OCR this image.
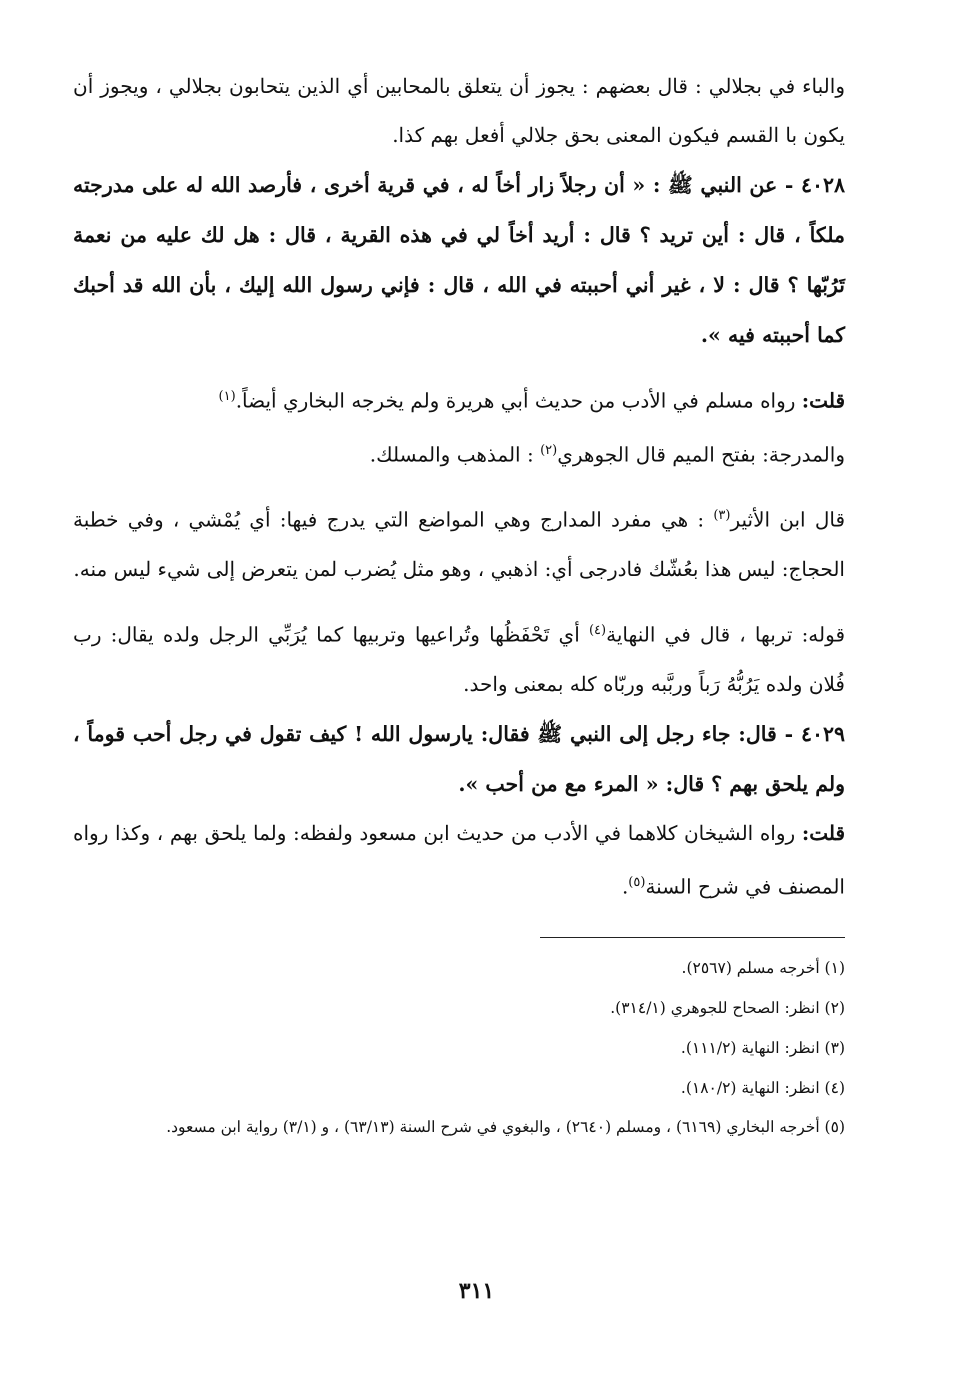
والباء في بجلالي : قال بعضهم : يجوز أن يتعلق بالمحابين أي الذين يتحابون بجلالي ، ويجوز أن يكون با القسم فيكون المعنى بحق جلالي أفعل بهم كذا.

٤٠٢٨ - عن النبي ﷺ : « أن رجلاً زار أخاً له ، في قرية أخرى ، فأرصد الله له على مدرجته ملكاً ، قال : أين تريد ؟ قال : أريد أخاً لي في هذه القرية ، قال : هل لك عليه من نعمة تَرُبّها ؟ قال : لا ، غير أني أحببته في الله ، قال : فإني رسول الله إليك ، بأن الله قد أحبك كما أحببته فيه ».

قلت: رواه مسلم في الأدب من حديث أبي هريرة ولم يخرجه البخاري أيضاً.$^{(١)}$

والمدرجة: بفتح الميم قال الجوهري$^{(٢)}$ : المذهب والمسلك.

قال ابن الأثير$^{(٣)}$ : هي مفرد المدارج وهي المواضع التي يدرج فيها: أي يُمْشي ، وفي خطبة الحجاج: ليس هذا بعُشّك فادرجى أي: اذهبي ، وهو مثل يُضرب لمن يتعرض إلى شيء ليس منه.

قوله: تربها ، قال في النهاية$^{(٤)}$ أي تَحْفَظُها وتُراعيها وتربيها كما يُرَبِّي الرجل ولده يقال: رب فُلان ولده يَرُبُّهُ رَباً وربَّبه وربّاه كله بمعنى واحد.

٤٠٢٩ - قال: جاء رجل إلى النبي ﷺ فقال: يارسول الله ! كيف تقول في رجل أحب قوماً ، ولم يلحق بهم ؟ قال: « المرء مع من أحب ».

قلت: رواه الشيخان كلاهما في الأدب من حديث ابن مسعود ولفظه: ولما يلحق بهم ، وكذا رواه المصنف في شرح السنة$^{(٥)}$.

(١) أخرجه مسلم (٢٥٦٧).

(٢) انظر: الصحاح للجوهري (٣١٤/١).

(٣) انظر: النهاية (١١١/٢).

(٤) انظر: النهاية (١٨٠/٢).

(٥) أخرجه البخاري (٦١٦٩) ، ومسلم (٢٦٤٠) ، والبغوي في شرح السنة (٦٣/١٣) ، و (٣/١) رواية ابن مسعود.

٣١١
